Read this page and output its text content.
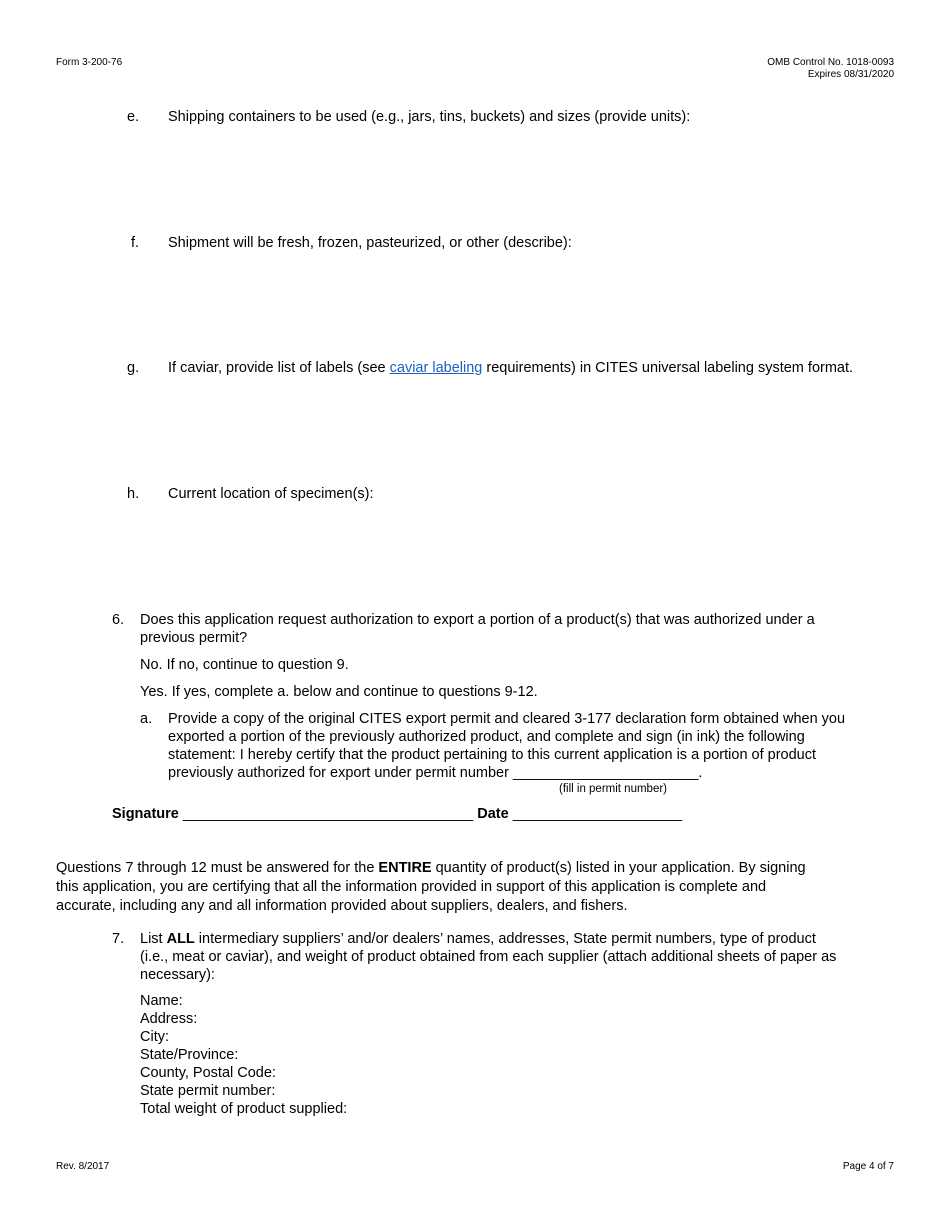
Form 3-200-76	OMB Control No. 1018-0093
Expires 08/31/2020
e. Shipping containers to be used (e.g., jars, tins, buckets) and sizes (provide units):
f. Shipment will be fresh, frozen, pasteurized, or other (describe):
g. If caviar, provide list of labels (see caviar labeling requirements) in CITES universal labeling system format.
h. Current location of specimen(s):
6. Does this application request authorization to export a portion of a product(s) that was authorized under a
previous permit?
No. If no, continue to question 9.
Yes. If yes, complete a. below and continue to questions 9-12.
a. Provide a copy of the original CITES export permit and cleared 3-177 declaration form obtained when you
exported a portion of the previously authorized product, and complete and sign (in ink) the following
statement: I hereby certify that the product pertaining to this current application is a portion of product
previously authorized for export under permit number _______________________.
(fill in permit number)
Signature ____________________________________ Date _____________________
Questions 7 through 12 must be answered for the ENTIRE quantity of product(s) listed in your application. By signing
this application, you are certifying that all the information provided in support of this application is complete and
accurate, including any and all information provided about suppliers, dealers, and fishers.
7. List ALL intermediary suppliers’ and/or dealers’ names, addresses, State permit numbers, type of product
(i.e., meat or caviar), and weight of product obtained from each supplier (attach additional sheets of paper as
necessary):
Name:
Address:
City:
State/Province:
County, Postal Code:
State permit number:
Total weight of product supplied:
Rev. 8/2017	Page 4 of 7
